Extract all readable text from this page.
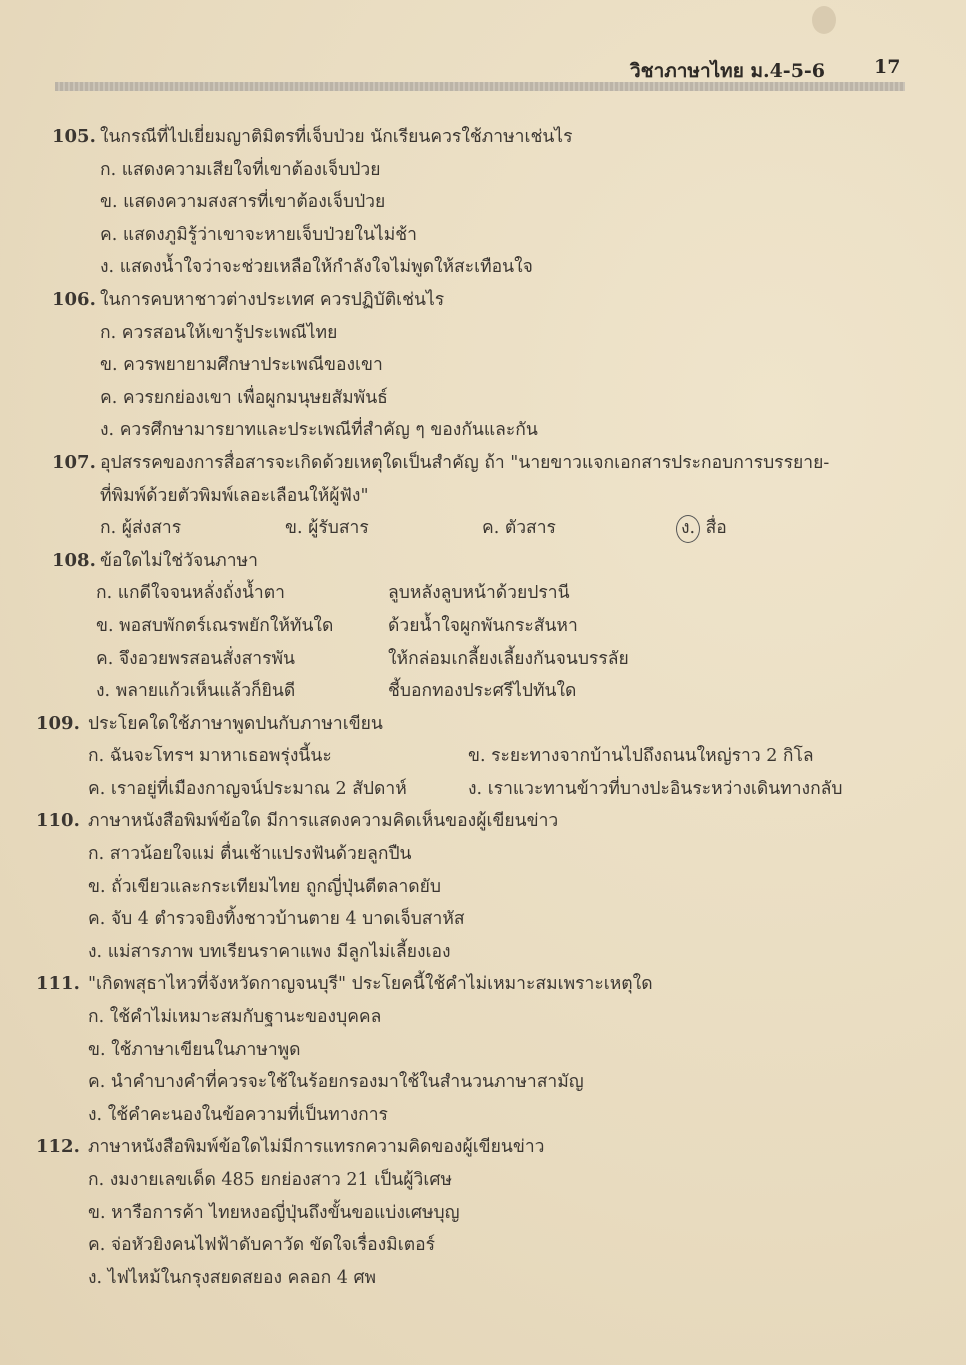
วิชาภาษาไทย ม.4-5-6	17
105. ในกรณีที่ไปเยี่ยมญาติมิตรที่เจ็บป่วย นักเรียนควรใช้ภาษาเช่นไร
ก. แสดงความเสียใจที่เขาต้องเจ็บป่วย
ข. แสดงความสงสารที่เขาต้องเจ็บป่วย
ค. แสดงภูมิรู้ว่าเขาจะหายเจ็บป่วยในไม่ช้า
ง. แสดงน้ำใจว่าจะช่วยเหลือให้กำลังใจไม่พูดให้สะเทือนใจ
106. ในการคบหาชาวต่างประเทศ ควรปฏิบัติเช่นไร
ก. ควรสอนให้เขารู้ประเพณีไทย
ข. ควรพยายามศึกษาประเพณีของเขา
ค. ควรยกย่องเขา เพื่อผูกมนุษยสัมพันธ์
ง. ควรศึกษามารยาทและประเพณีที่สำคัญ ๆ ของกันและกัน
107. อุปสรรคของการสื่อสารจะเกิดด้วยเหตุใดเป็นสำคัญ ถ้า "นายขาวแจกเอกสารประกอบการบรรยาย-
ที่พิมพ์ด้วยตัวพิมพ์เลอะเลือนให้ผู้ฟัง"
ก. ผู้ส่งสาร	ข. ผู้รับสาร	ค. ตัวสาร	ง. สื่อ
108. ข้อใดไม่ใช่วัจนภาษา
ก. แกดีใจจนหลั่งถั่งน้ำตา	ลูบหลังลูบหน้าด้วยปรานี
ข. พอสบพักตร์เณรพยักให้ทันใด	ด้วยน้ำใจผูกพันกระสันหา
ค. จึงอวยพรสอนสั่งสารพัน	ให้กล่อมเกลี้ยงเลี้ยงกันจนบรรลัย
ง. พลายแก้วเห็นแล้วก็ยินดี	ชี้บอกทองประศรีไปทันใด
109. ประโยคใดใช้ภาษาพูดปนกับภาษาเขียน
ก. ฉันจะโทรฯ มาหาเธอพรุ่งนี้นะ	ข. ระยะทางจากบ้านไปถึงถนนใหญ่ราว 2 กิโล
ค. เราอยู่ที่เมืองกาญจน์ประมาณ 2 สัปดาห์	ง. เราแวะทานข้าวที่บางปะอินระหว่างเดินทางกลับ
110. ภาษาหนังสือพิมพ์ข้อใด มีการแสดงความคิดเห็นของผู้เขียนข่าว
ก. สาวน้อยใจแม่ ตื่นเช้าแปรงฟันด้วยลูกปืน
ข. ถั่วเขียวและกระเทียมไทย ถูกญี่ปุ่นตีตลาดยับ
ค. จับ 4 ตำรวจยิงทิ้งชาวบ้านตาย 4 บาดเจ็บสาหัส
ง. แม่สารภาพ บทเรียนราคาแพง มีลูกไม่เลี้ยงเอง
111. "เกิดพสุธาไหวที่จังหวัดกาญจนบุรี" ประโยคนี้ใช้คำไม่เหมาะสมเพราะเหตุใด
ก. ใช้คำไม่เหมาะสมกับฐานะของบุคคล
ข. ใช้ภาษาเขียนในภาษาพูด
ค. นำคำบางคำที่ควรจะใช้ในร้อยกรองมาใช้ในสำนวนภาษาสามัญ
ง. ใช้คำคะนองในข้อความที่เป็นทางการ
112. ภาษาหนังสือพิมพ์ข้อใดไม่มีการแทรกความคิดของผู้เขียนข่าว
ก. งมงายเลขเด็ด 485 ยกย่องสาว 21 เป็นผู้วิเศษ
ข. หารือการค้า ไทยหงอญี่ปุ่นถึงขั้นขอแบ่งเศษบุญ
ค. จ่อหัวยิงคนไฟฟ้าดับคาวัด ขัดใจเรื่องมิเตอร์
ง. ไฟไหม้ในกรุงสยดสยอง คลอก 4 ศพ
